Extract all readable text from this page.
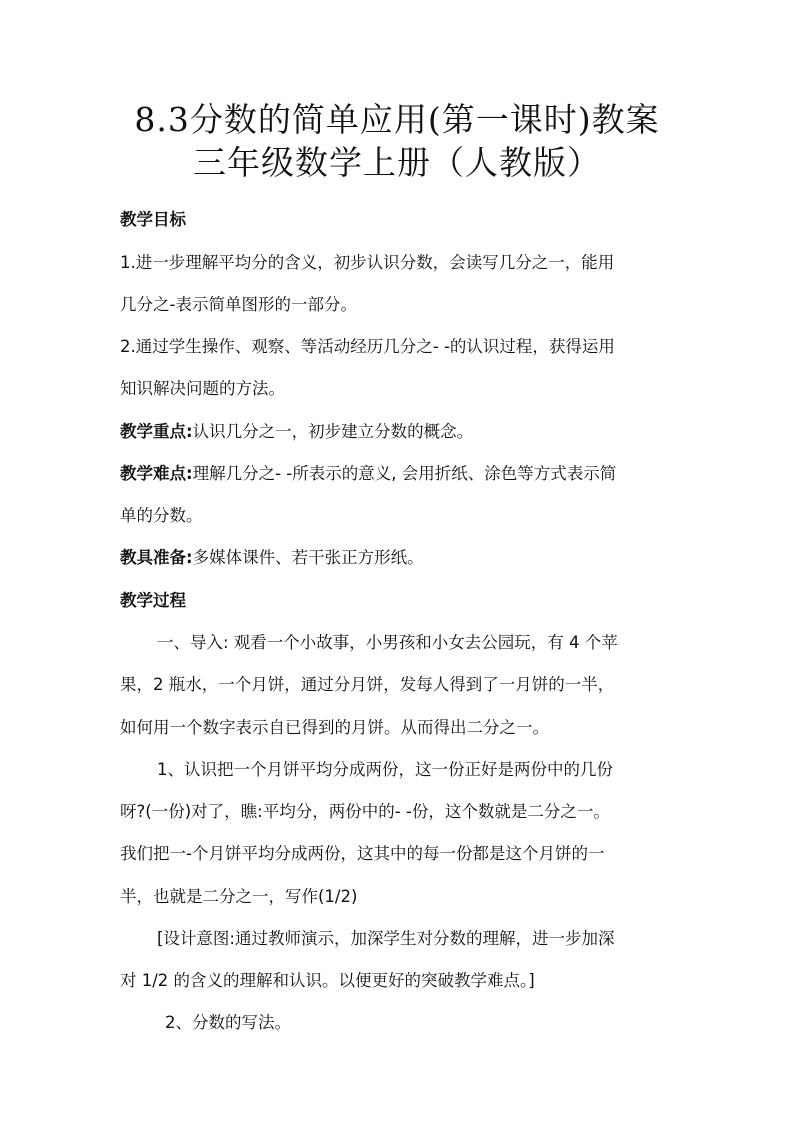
8.3分数的简单应用(第一课时)教案
三年级数学上册（人教版）
教学目标
1.进一步理解平均分的含义，初步认识分数，会读写几分之一，能用
几分之-表示简单图形的一部分。
2.通过学生操作、观察、等活动经历几分之- -的认识过程，获得运用
知识解决问题的方法。
教学重点:认识几分之一，初步建立分数的概念。
教学难点:理解几分之- -所表示的意义, 会用折纸、涂色等方式表示简
单的分数。
教具准备:多媒体课件、若干张正方形纸。
教学过程
一、导入: 观看一个小故事，小男孩和小女去公园玩，有 4 个苹
果，2 瓶水，一个月饼，通过分月饼，发每人得到了一月饼的一半，
如何用一个数字表示自已得到的月饼。从而得出二分之一。
1、认识把一个月饼平均分成两份，这一份正好是两份中的几份
呀?(一份)对了，瞧:平均分，两份中的- -份，这个数就是二分之一。
我们把一-个月饼平均分成两份，这其中的每一份都是这个月饼的一
半，也就是二分之一，写作(1/2)
[设计意图:通过教师演示，加深学生对分数的理解，进一步加深
对 1/2 的含义的理解和认识。以便更好的突破教学难点。]
2、分数的写法。
